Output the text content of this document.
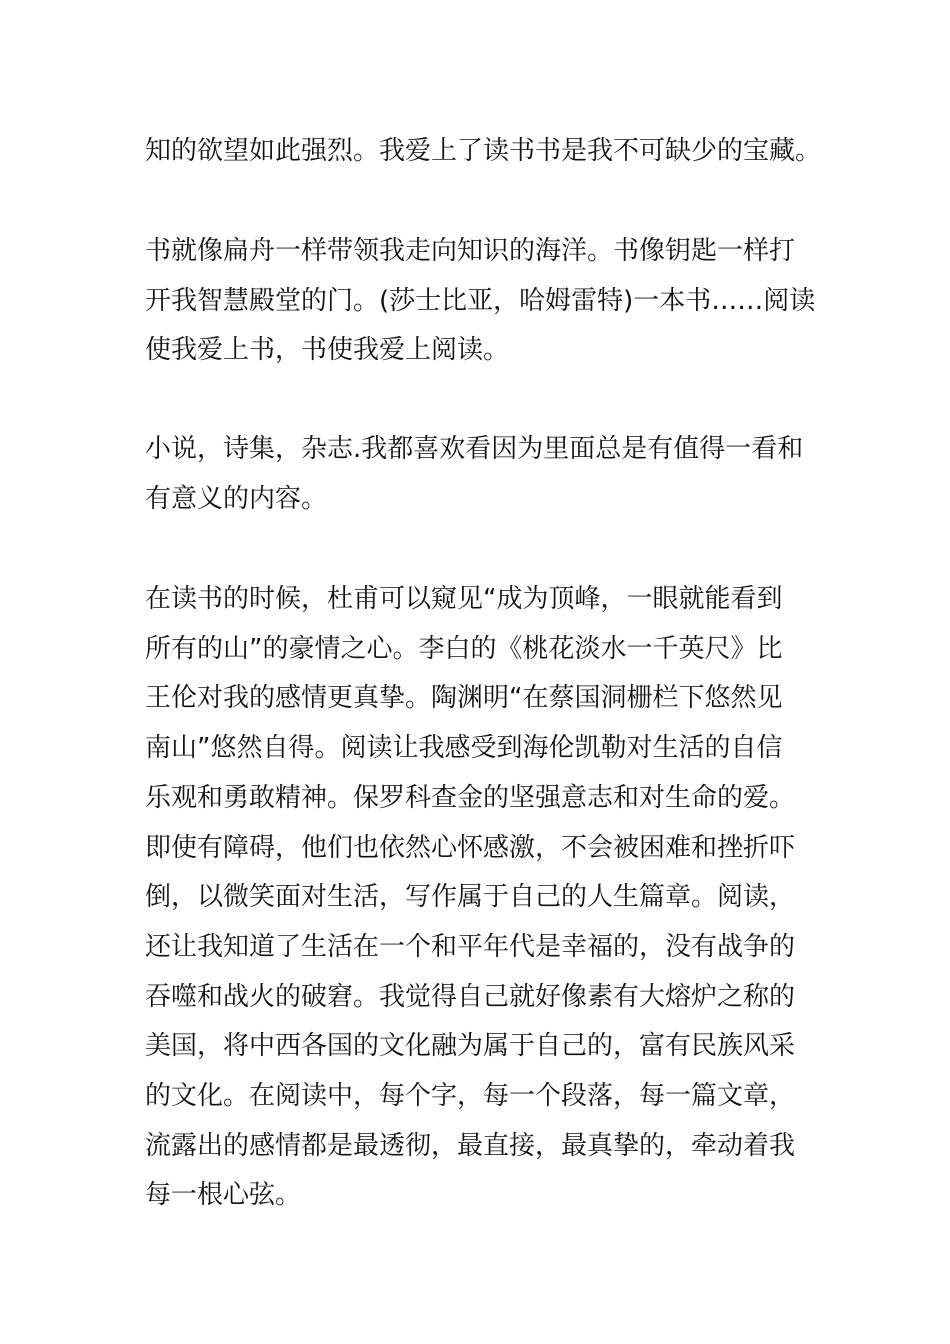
知的欲望如此强烈。我爱上了读书书是我不可缺少的宝藏。
书就像扁舟一样带领我走向知识的海洋。书像钥匙一样打
开我智慧殿堂的门。(莎士比亚，哈姆雷特)一本书……阅读
使我爱上书，书使我爱上阅读。
小说，诗集，杂志.我都喜欢看因为里面总是有值得一看和
有意义的内容。
在读书的时候，杜甫可以窥见“成为顶峰，一眼就能看到
所有的山”的豪情之心。李白的《桃花淡水一千英尺》比
王伦对我的感情更真挚。陶渊明“在蔡国洞栅栏下悠然见
南山”悠然自得。阅读让我感受到海伦凯勒对生活的自信
乐观和勇敢精神。保罗科查金的坚强意志和对生命的爱。
即使有障碍，他们也依然心怀感激，不会被困难和挫折吓
倒，以微笑面对生活，写作属于自己的人生篇章。阅读，
还让我知道了生活在一个和平年代是幸福的，没有战争的
吞噬和战火的破窘。我觉得自己就好像素有大熔炉之称的
美国，将中西各国的文化融为属于自己的，富有民族风采
的文化。在阅读中，每个字，每一个段落，每一篇文章，
流露出的感情都是最透彻，最直接，最真挚的，牵动着我
每一根心弦。
